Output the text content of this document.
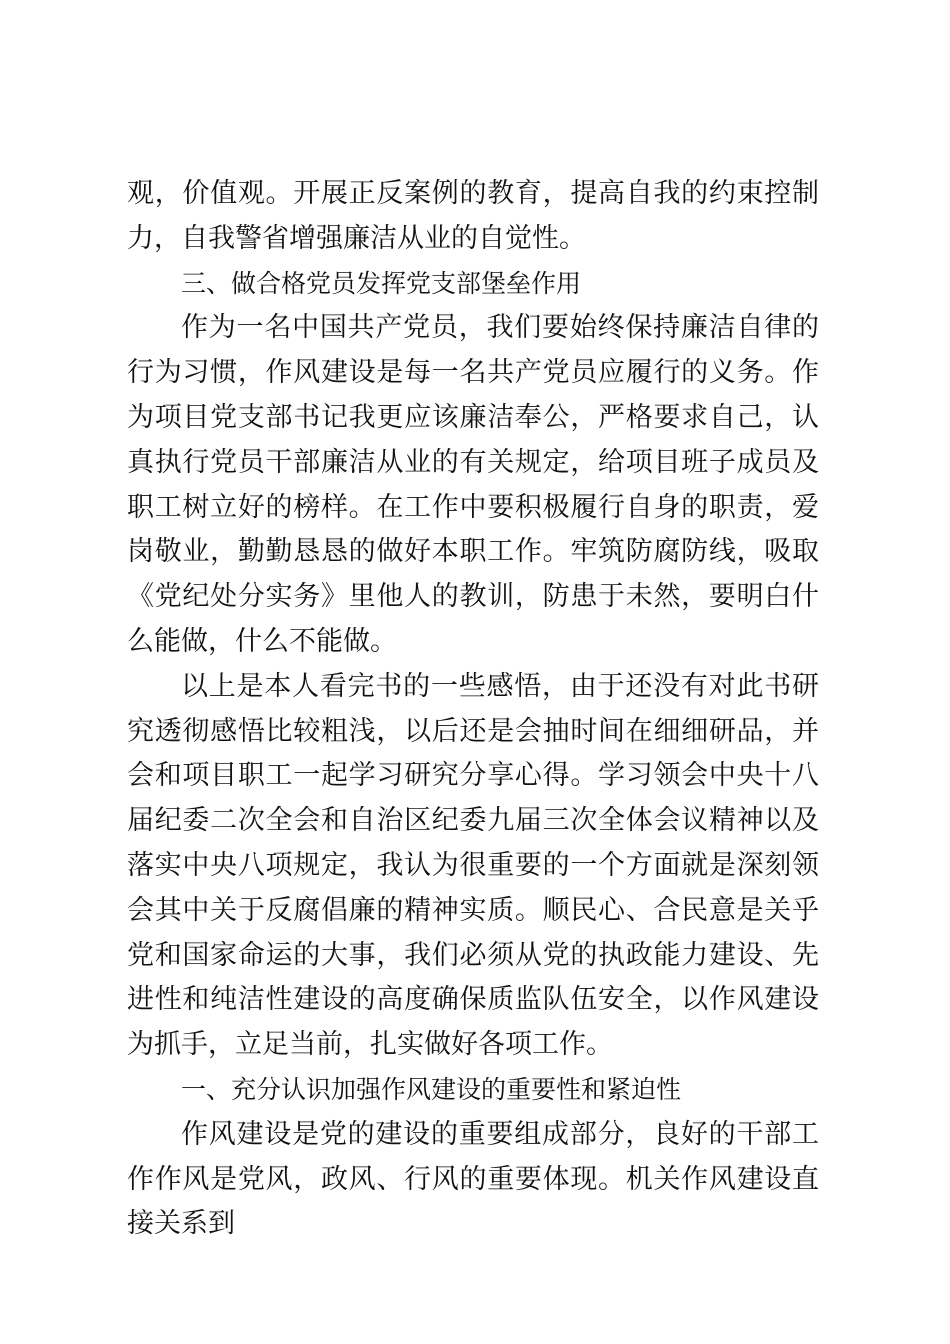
观，价值观。开展正反案例的教育，提高自我的约束控制力，自我警省增强廉洁从业的自觉性。

三、做合格党员发挥党支部堡垒作用

作为一名中国共产党员，我们要始终保持廉洁自律的行为习惯，作风建设是每一名共产党员应履行的义务。作为项目党支部书记我更应该廉洁奉公，严格要求自己，认真执行党员干部廉洁从业的有关规定，给项目班子成员及职工树立好的榜样。在工作中要积极履行自身的职责，爱岗敬业，勤勤恳恳的做好本职工作。牢筑防腐防线，吸取《党纪处分实务》里他人的教训，防患于未然，要明白什么能做，什么不能做。

以上是本人看完书的一些感悟，由于还没有对此书研究透彻感悟比较粗浅，以后还是会抽时间在细细研品，并会和项目职工一起学习研究分享心得。学习领会中央十八届纪委二次全会和自治区纪委九届三次全体会议精神以及落实中央八项规定，我认为很重要的一个方面就是深刻领会其中关于反腐倡廉的精神实质。顺民心、合民意是关乎党和国家命运的大事，我们必须从党的执政能力建设、先进性和纯洁性建设的高度确保质监队伍安全，以作风建设为抓手，立足当前，扎实做好各项工作。

一、充分认识加强作风建设的重要性和紧迫性

作风建设是党的建设的重要组成部分，良好的干部工作作风是党风，政风、行风的重要体现。机关作风建设直接关系到
